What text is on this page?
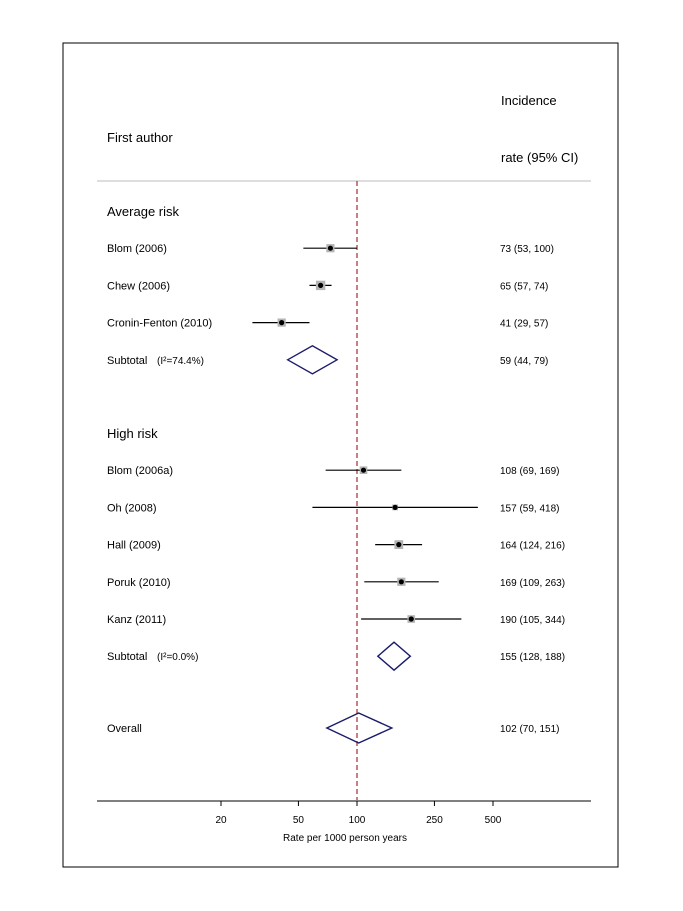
First author
Incidence
rate (95% CI)
Rate per 1000 person years
20	50	100	250	500
Average risk
Blom (2006)	73 (53, 100)
Chew (2006)	65 (57, 74)
Cronin-Fenton (2010)	41 (29, 57)
Subtotal (I²=74.4%)	59 (44, 79)
High risk
Blom (2006a)	108 (69, 169)
Oh (2008)	157 (59, 418)
Hall (2009)	164 (124, 216)
Poruk (2010)	169 (109, 263)
Kanz (2011)	190 (105, 344)
Subtotal (I²=0.0%)	155 (128, 188)
Overall	102 (70, 151)
